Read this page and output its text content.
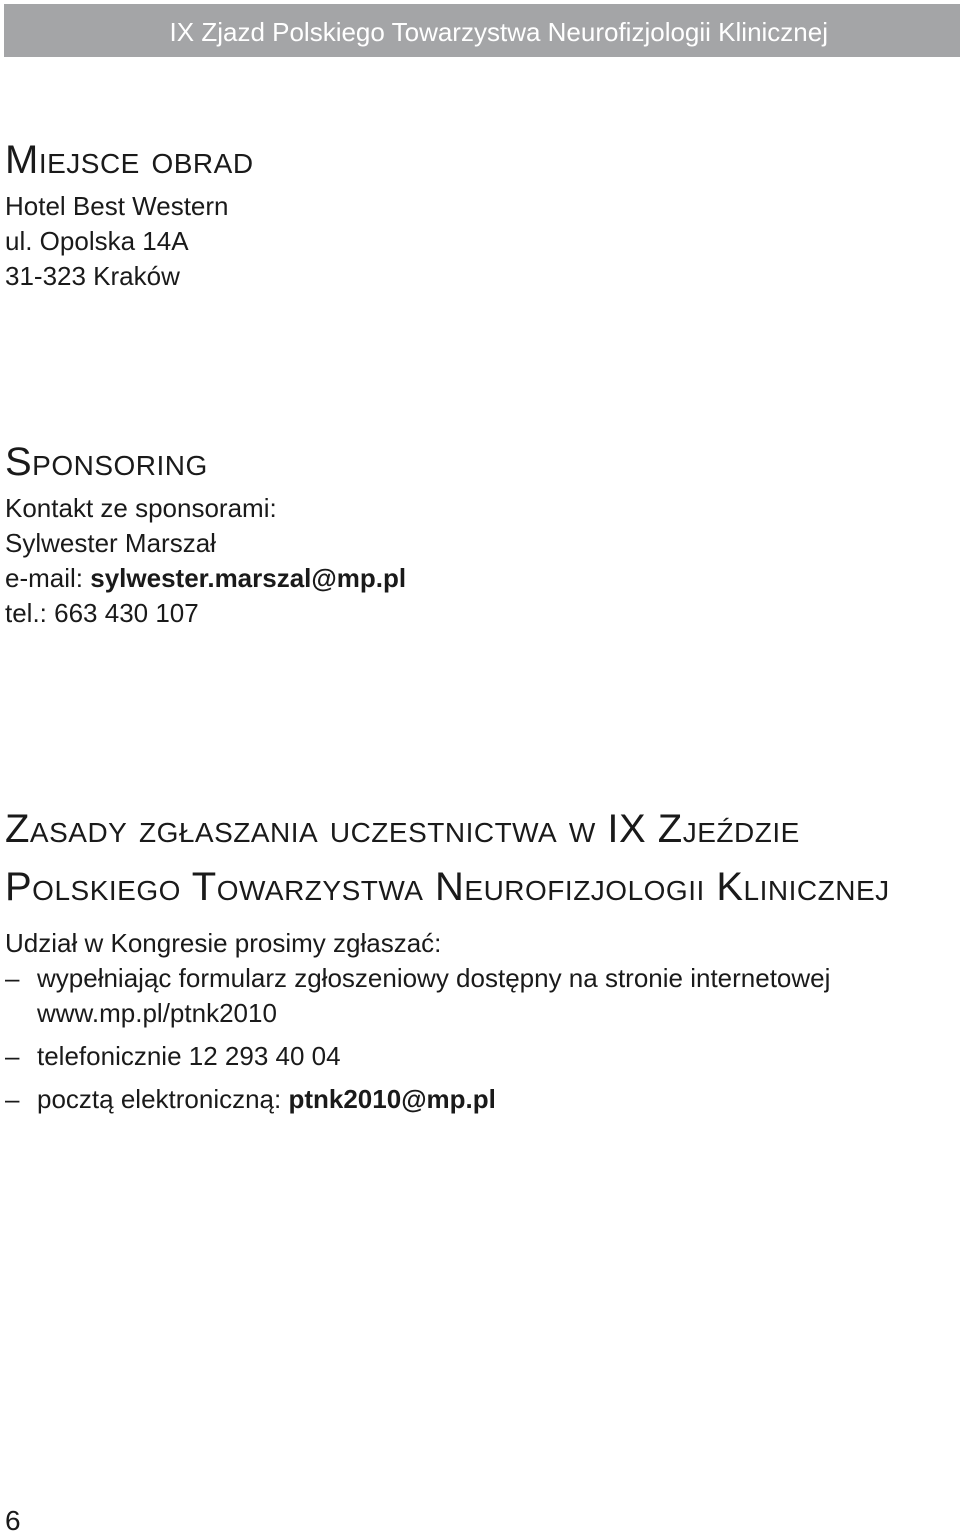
IX Zjazd Polskiego Towarzystwa Neurofizjologii Klinicznej
Miejsce obrad
Hotel Best Western
ul. Opolska 14A
31-323 Kraków
Sponsoring
Kontakt ze sponsorami:
Sylwester Marszał
e-mail: sylwester.marszal@mp.pl
tel.: 663 430 107
Zasady zgłaszania uczestnictwa w IX Zjeździe
Polskiego Towarzystwa Neurofizjologii Klinicznej
Udział w Kongresie prosimy zgłaszać:
– wypełniając formularz zgłoszeniowy dostępny na stronie internetowej
www.mp.pl/ptnk2010
– telefonicznie 12 293 40 04
– pocztą elektroniczną: ptnk2010@mp.pl
6
